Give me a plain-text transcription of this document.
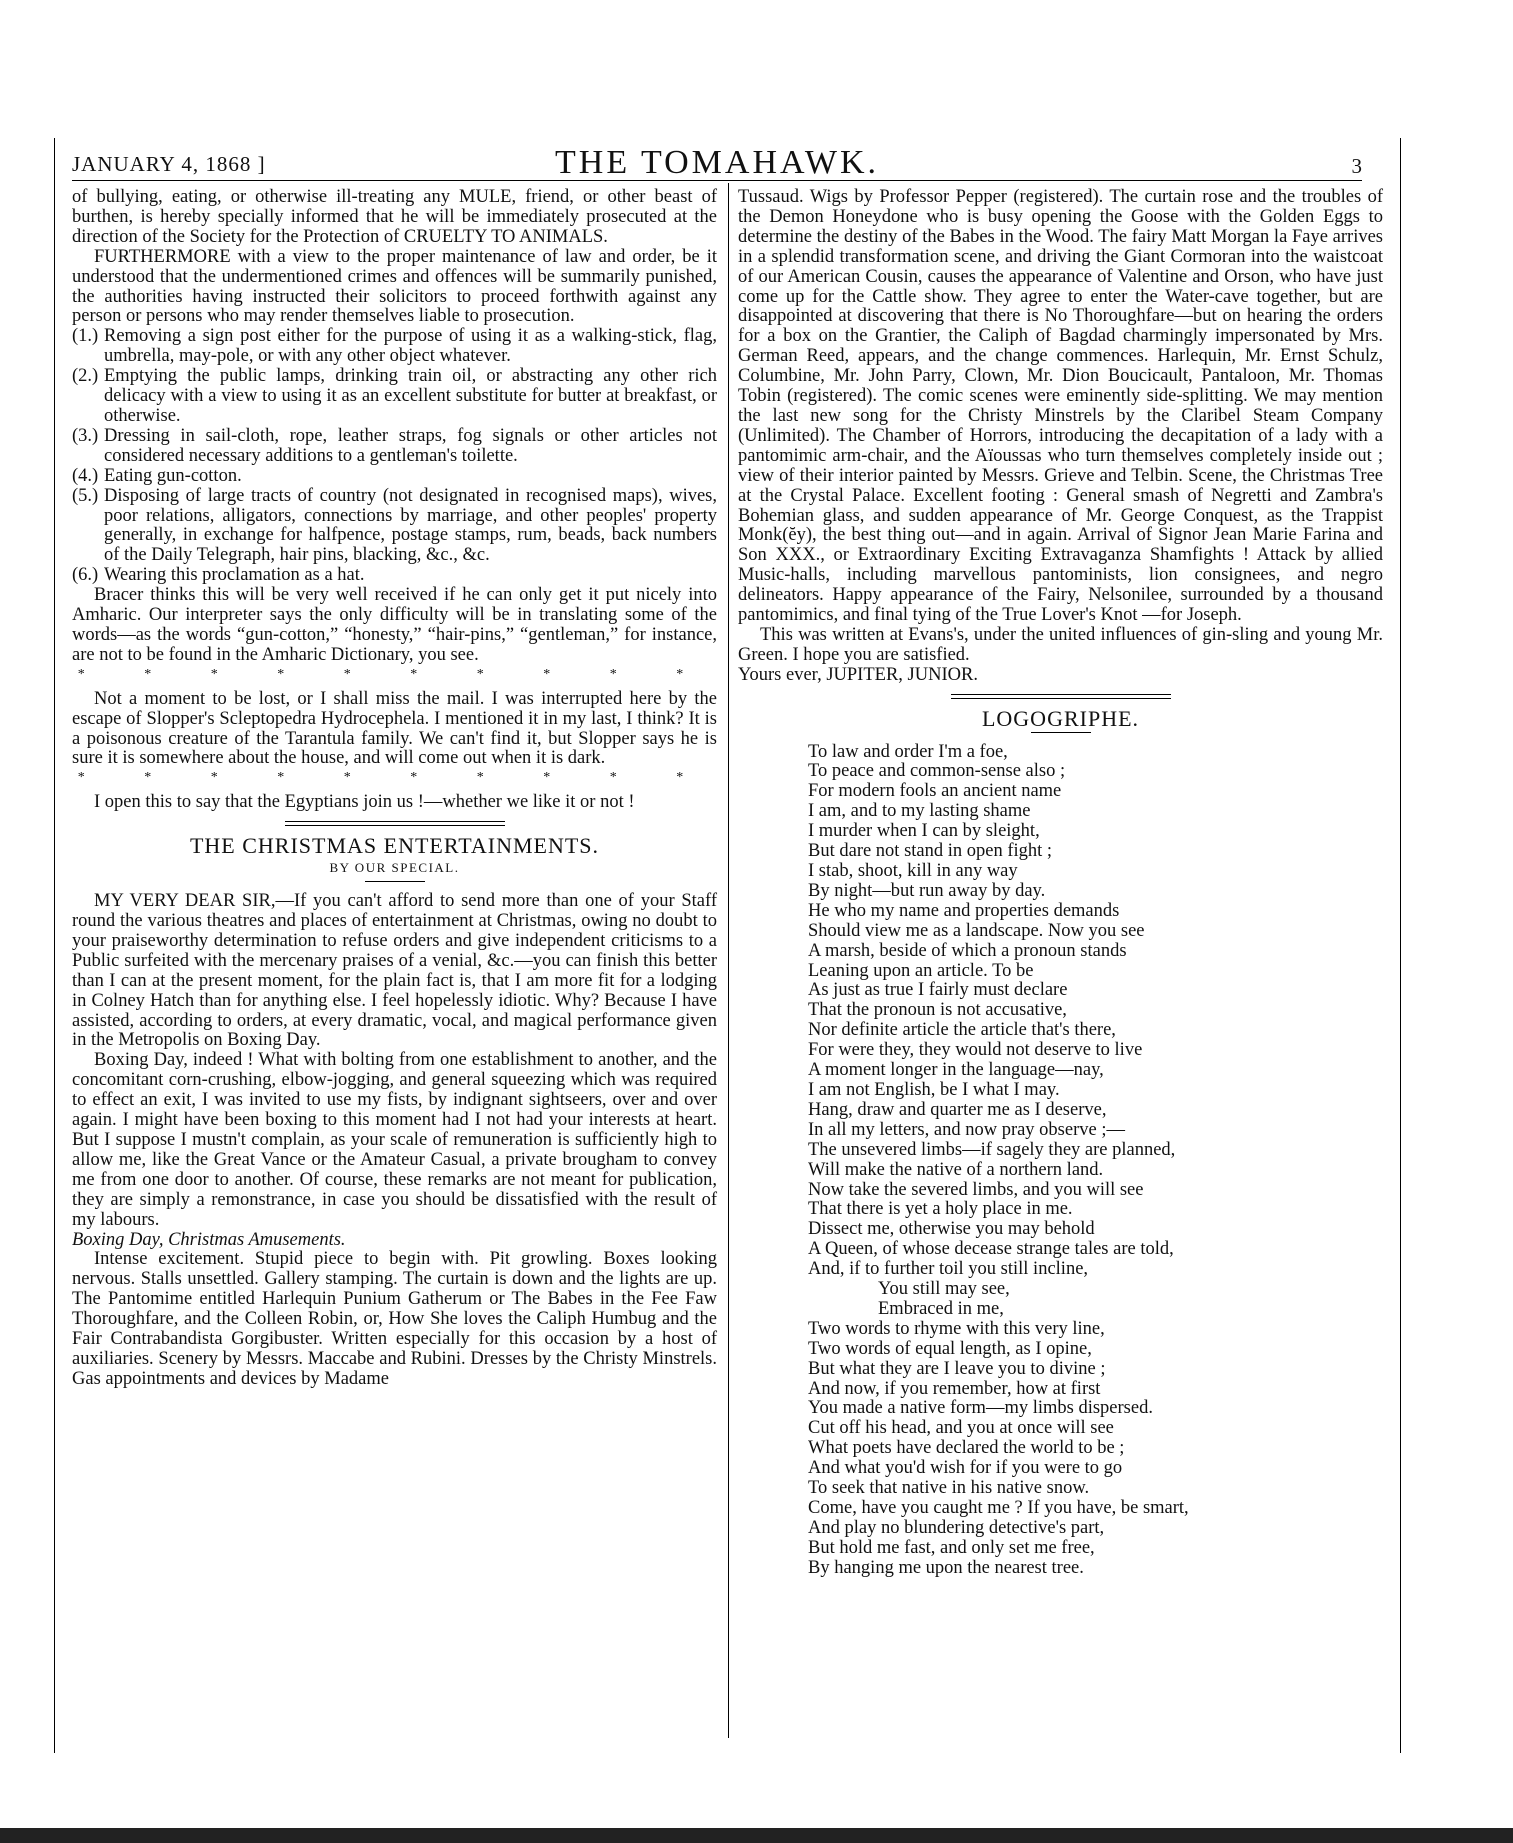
JANUARY 4, 1868 ]	THE TOMAHAWK.	3

of bullying, eating, or otherwise ill-treating any MULE, friend, or other beast of burthen, is hereby specially informed that he will be immediately prosecuted at the direction of the Society for the Protection of CRUELTY TO ANIMALS.

FURTHERMORE with a view to the proper maintenance of law and order, be it understood that the undermentioned crimes and offences will be summarily punished, the authorities having instructed their solicitors to proceed forthwith against any person or persons who may render themselves liable to prosecution.

(1.) Removing a sign post either for the purpose of using it as a walking-stick, flag, umbrella, may-pole, or with any other object whatever.
(2.) Emptying the public lamps, drinking train oil, or abstracting any other rich delicacy with a view to using it as an excellent substitute for butter at breakfast, or otherwise.
(3.) Dressing in sail-cloth, rope, leather straps, fog signals or other articles not considered necessary additions to a gentleman's toilette.
(4.) Eating gun-cotton.
(5.) Disposing of large tracts of country (not designated in recognised maps), wives, poor relations, alligators, connections by marriage, and other peoples' property generally, in exchange for halfpence, postage stamps, rum, beads, back numbers of the Daily Telegraph, hair pins, blacking, &c., &c.
(6.) Wearing this proclamation as a hat.

Bracer thinks this will be very well received if he can only get it put nicely into Amharic. Our interpreter says the only difficulty will be in translating some of the words—as the words “gun-cotton,” “honesty,” “hair-pins,” “gentleman,” for instance, are not to be found in the Amharic Dictionary, you see.

* * * * * * * * * *

Not a moment to be lost, or I shall miss the mail. I was interrupted here by the escape of Slopper's Scleptopedra Hydrocephela. I mentioned it in my last, I think? It is a poisonous creature of the Tarantula family. We can't find it, but Slopper says he is sure it is somewhere about the house, and will come out when it is dark.

* * * * * * * * * *

I open this to say that the Egyptians join us !—whether we like it or not !

THE CHRISTMAS ENTERTAINMENTS.
BY OUR SPECIAL.

MY VERY DEAR SIR,—If you can't afford to send more than one of your Staff round the various theatres and places of entertainment at Christmas, owing no doubt to your praiseworthy determination to refuse orders and give independent criticisms to a Public surfeited with the mercenary praises of a venial, &c.—you can finish this better than I can at the present moment, for the plain fact is, that I am more fit for a lodging in Colney Hatch than for anything else. I feel hopelessly idiotic. Why? Because I have assisted, according to orders, at every dramatic, vocal, and magical performance given in the Metropolis on Boxing Day.

Boxing Day, indeed ! What with bolting from one establishment to another, and the concomitant corn-crushing, elbow-jogging, and general squeezing which was required to effect an exit, I was invited to use my fists, by indignant sightseers, over and over again. I might have been boxing to this moment had I not had your interests at heart. But I suppose I mustn't complain, as your scale of remuneration is sufficiently high to allow me, like the Great Vance or the Amateur Casual, a private brougham to convey me from one door to another. Of course, these remarks are not meant for publication, they are simply a remonstrance, in case you should be dissatisfied with the result of my labours.

Boxing Day, Christmas Amusements.

Intense excitement. Stupid piece to begin with. Pit growling. Boxes looking nervous. Stalls unsettled. Gallery stamping. The curtain is down and the lights are up. The Pantomime entitled Harlequin Punium Gatherum or The Babes in the Fee Faw Thoroughfare, and the Colleen Robin, or, How She loves the Caliph Humbug and the Fair Contrabandista Gorgibuster. Written especially for this occasion by a host of auxiliaries. Scenery by Messrs. Maccabe and Rubini. Dresses by the Christy Minstrels. Gas appointments and devices by Madame

Tussaud. Wigs by Professor Pepper (registered). The curtain rose and the troubles of the Demon Honeydone who is busy opening the Goose with the Golden Eggs to determine the destiny of the Babes in the Wood. The fairy Matt Morgan la Faye arrives in a splendid transformation scene, and driving the Giant Cormoran into the waistcoat of our American Cousin, causes the appearance of Valentine and Orson, who have just come up for the Cattle show. They agree to enter the Water-cave together, but are disappointed at discovering that there is No Thoroughfare—but on hearing the orders for a box on the Grantier, the Caliph of Bagdad charmingly impersonated by Mrs. German Reed, appears, and the change commences. Harlequin, Mr. Ernst Schulz, Columbine, Mr. John Parry, Clown, Mr. Dion Boucicault, Pantaloon, Mr. Thomas Tobin (registered). The comic scenes were eminently side-splitting. We may mention the last new song for the Christy Minstrels by the Claribel Steam Company (Unlimited). The Chamber of Horrors, introducing the decapitation of a lady with a pantomimic arm-chair, and the Aïoussas who turn themselves completely inside out ; view of their interior painted by Messrs. Grieve and Telbin. Scene, the Christmas Tree at the Crystal Palace. Excellent footing : General smash of Negretti and Zambra's Bohemian glass, and sudden appearance of Mr. George Conquest, as the Trappist Monk(ĕy), the best thing out—and in again. Arrival of Signor Jean Marie Farina and Son XXX., or Extraordinary Exciting Extravaganza Shamfights ! Attack by allied Music-halls, including marvellous pantominists, lion consignees, and negro delineators. Happy appearance of the Fairy, Nelsonilee, surrounded by a thousand pantomimics, and final tying of the True Lover's Knot —for Joseph.

This was written at Evans's, under the united influences of gin-sling and young Mr. Green. I hope you are satisfied.

Yours ever, JUPITER, JUNIOR.

LOGOGRIPHE.

To law and order I'm a foe,

To peace and common-sense also ;

For modern fools an ancient name

I am, and to my lasting shame

I murder when I can by sleight,

But dare not stand in open fight ;

I stab, shoot, kill in any way

By night—but run away by day.

He who my name and properties demands

Should view me as a landscape. Now you see

A marsh, beside of which a pronoun stands

Leaning upon an article. To be

As just as true I fairly must declare

That the pronoun is not accusative,

Nor definite article the article that's there,

For were they, they would not deserve to live

A moment longer in the language—nay,

I am not English, be I what I may.

Hang, draw and quarter me as I deserve,

In all my letters, and now pray observe ;—

The unsevered limbs—if sagely they are planned,

Will make the native of a northern land.

Now take the severed limbs, and you will see

That there is yet a holy place in me.

Dissect me, otherwise you may behold

A Queen, of whose decease strange tales are told,

And, if to further toil you still incline,

You still may see,

Embraced in me,

Two words to rhyme with this very line,

Two words of equal length, as I opine,

But what they are I leave you to divine ;

And now, if you remember, how at first

You made a native form—my limbs dispersed.

Cut off his head, and you at once will see

What poets have declared the world to be ;

And what you'd wish for if you were to go

To seek that native in his native snow.

Come, have you caught me ? If you have, be smart,

And play no blundering detective's part,

But hold me fast, and only set me free,

By hanging me upon the nearest tree.
